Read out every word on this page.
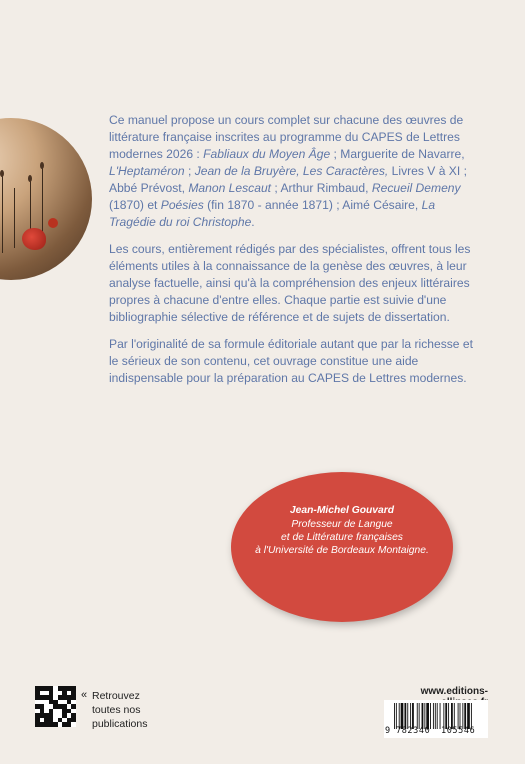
Ce manuel propose un cours complet sur chacune des œuvres de littérature française inscrites au programme du CAPES de Lettres modernes 2026 : Fabliaux du Moyen Âge ; Marguerite de Navarre, L'Heptaméron ; Jean de la Bruyère, Les Caractères, Livres V à XI ; Abbé Prévost, Manon Lescaut ; Arthur Rimbaud, Recueil Demeny (1870) et Poésies (fin 1870 - année 1871) ; Aimé Césaire, La Tragédie du roi Christophe.

Les cours, entièrement rédigés par des spécialistes, offrent tous les éléments utiles à la connaissance de la genèse des œuvres, à leur analyse factuelle, ainsi qu'à la compréhension des enjeux littéraires propres à chacune d'entre elles. Chaque partie est suivie d'une bibliographie sélective de référence et de sujets de dissertation.

Par l'originalité de sa formule éditoriale autant que par la richesse et le sérieux de son contenu, cet ouvrage constitue une aide indispensable pour la préparation au CAPES de Lettres modernes.

Jean-Michel Gouvard
Professeur de Langue
et de Littérature françaises
à l'Université de Bordeaux Montaigne.
« Retrouvez
toutes nos
publications
www.editions-
9 782340 105546
